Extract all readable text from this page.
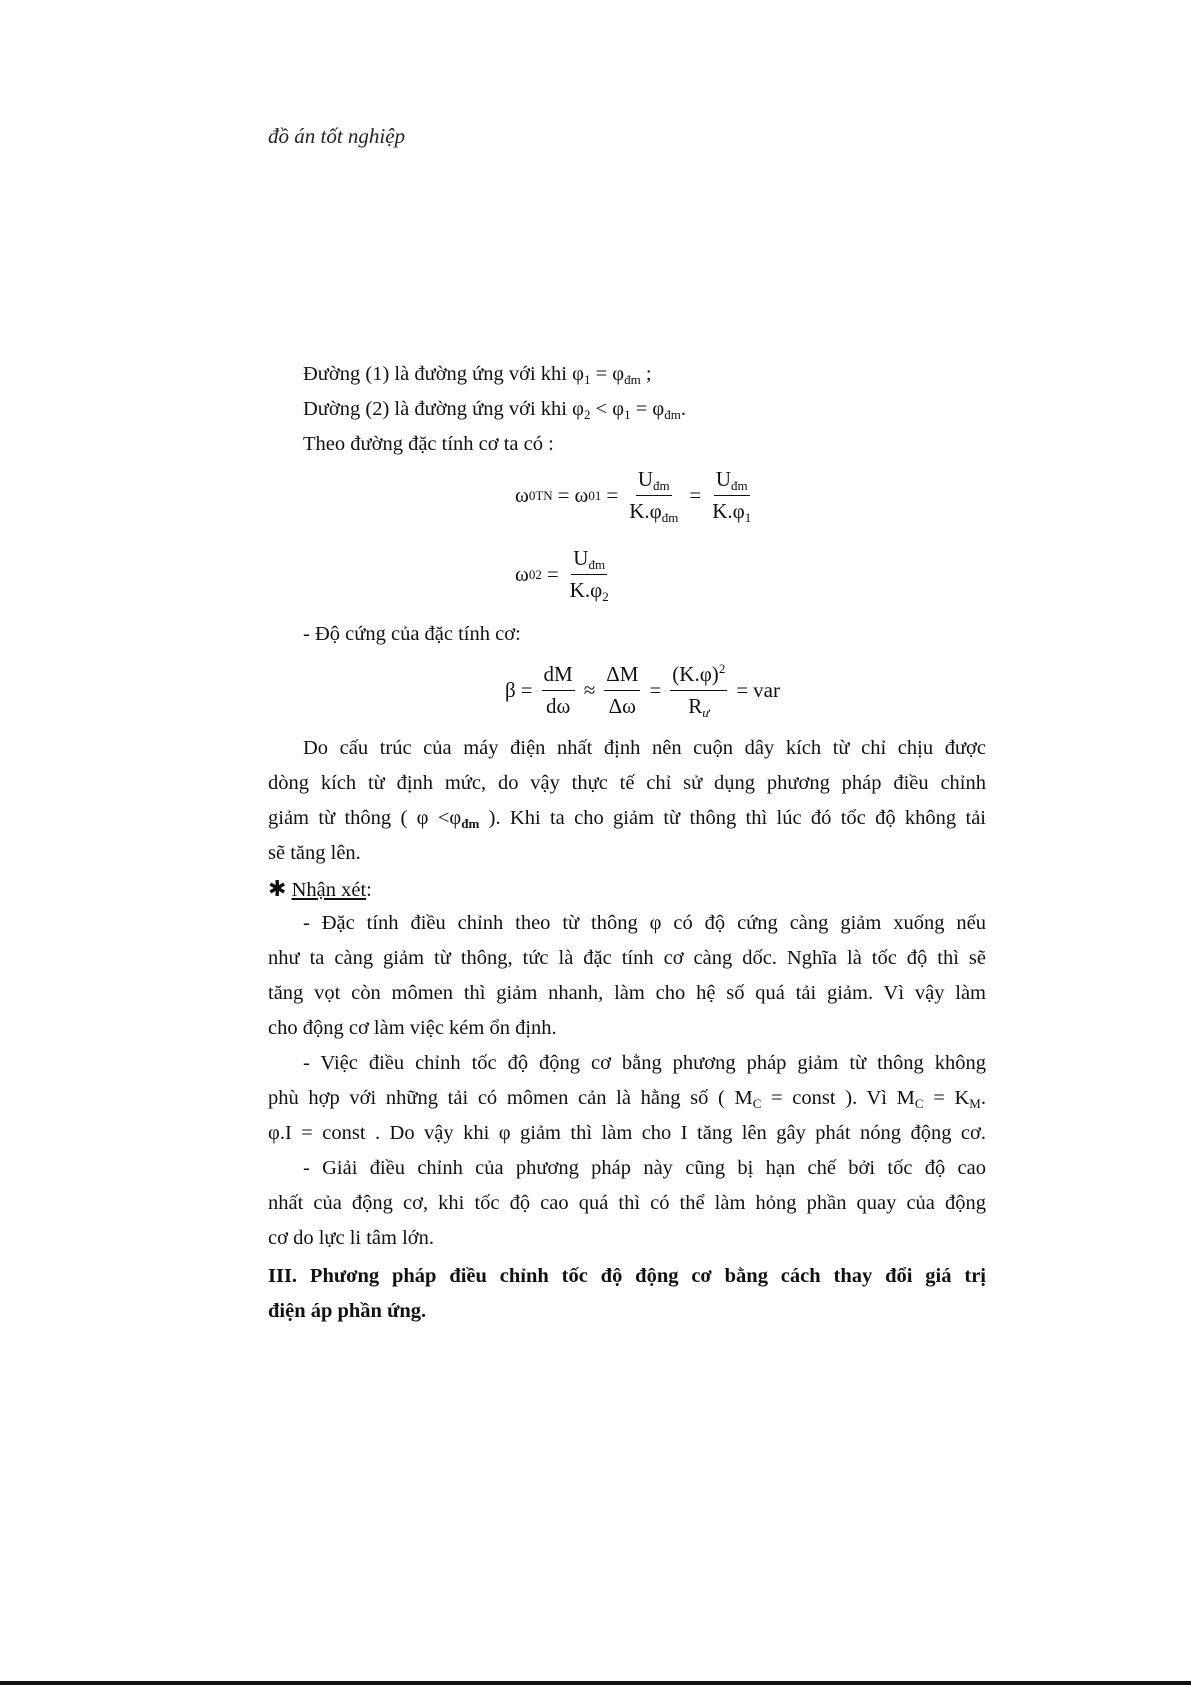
đồ án tốt nghiệp
Đường (1) là đường ứng với khi $\varphi_1 = \varphi_{đm}$ ;
Dường (2) là đường ứng với khi $\varphi_2 < \varphi_1 = \varphi_{đm}$.
Theo đường đặc tính cơ ta có :
- Độ cứng của đặc tính cơ:
Do cấu trúc của máy điện nhất định nên cuộn dây kích từ chỉ chịu được
dòng kích từ định mức, do vậy thực tế chỉ sử dụng phương pháp điều chỉnh
giảm từ thông ( $\varphi <\varphi_{đm}$ ). Khi ta cho giảm từ thông thì lúc đó tốc độ không tải
sẽ tăng lên.
✱ Nhận xét:
- Đặc tính điều chỉnh theo từ thông φ có độ cứng càng giảm xuống nếu
như ta càng giảm từ thông, tức là đặc tính cơ càng dốc. Nghĩa là tốc độ thì sẽ
tăng vọt còn mômen thì giảm nhanh, làm cho hệ số quá tải giảm. Vì vậy làm
cho động cơ làm việc kém ổn định.
- Việc điều chỉnh tốc độ động cơ bằng phương pháp giảm từ thông không
phù hợp với những tải có mômen cản là hằng số ( $M_C$ = const ). Vì $M_C = K_M$.
φ.I = const . Do vậy khi φ giảm thì làm cho I tăng lên gây phát nóng động cơ.
- Giải điều chỉnh của phương pháp này cũng bị hạn chế bởi tốc độ cao
nhất của động cơ, khi tốc độ cao quá thì có thể làm hỏng phần quay của động
cơ do lực li tâm lớn.
III. Phương pháp điều chỉnh tốc độ động cơ bằng cách thay đổi giá trị
điện áp phần ứng.
ω 0TN = ω $01 = \frac{U_{đm}}{K.\varphi_{đm}} = \frac{U_{đm}}{K.\varphi_1}$
ω $02 = \frac{U_{đm}}{K.\varphi_2}$
$\beta = \frac{dM}{d\omega} \approx \frac{\Delta M}{\Delta\omega} = \frac{(K.\varphi)^2}{R_ư}$ = var
